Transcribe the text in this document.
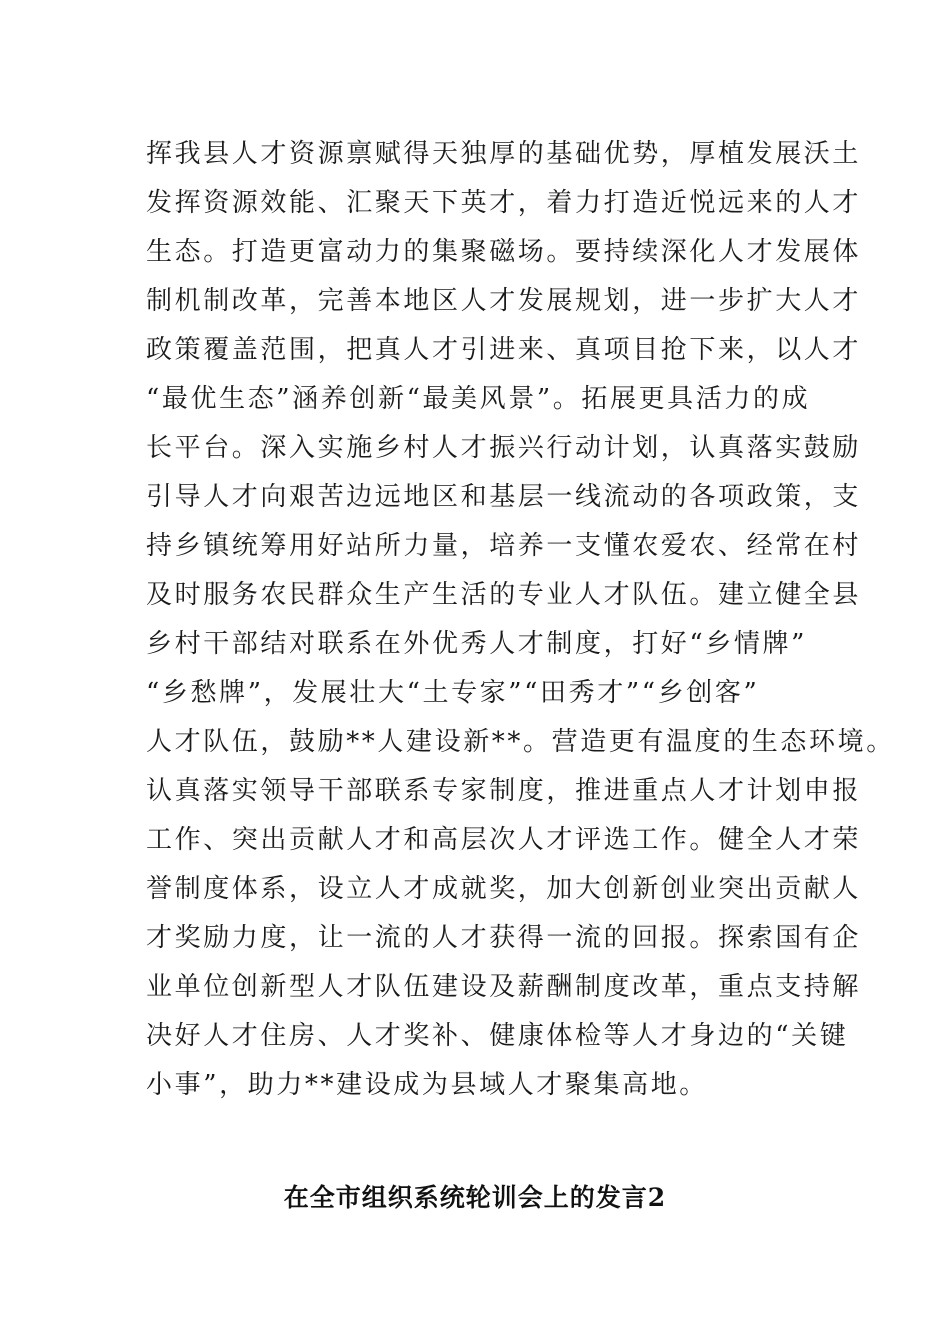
挥我县人才资源禀赋得天独厚的基础优势，厚植发展沃土
发挥资源效能、汇聚天下英才，着力打造近悦远来的人才
生态。打造更富动力的集聚磁场。要持续深化人才发展体
制机制改革，完善本地区人才发展规划，进一步扩大人才
政策覆盖范围，把真人才引进来、真项目抢下来，以人才
“最优生态”涵养创新“最美风景”。拓展更具活力的成
长平台。深入实施乡村人才振兴行动计划，认真落实鼓励
引导人才向艰苦边远地区和基层一线流动的各项政策，支
持乡镇统筹用好站所力量，培养一支懂农爱农、经常在村
及时服务农民群众生产生活的专业人才队伍。建立健全县
乡村干部结对联系在外优秀人才制度，打好“乡情牌”
“乡愁牌”，发展壮大“土专家”“田秀才”“乡创客”
人才队伍，鼓励**人建设新**。营造更有温度的生态环境。
认真落实领导干部联系专家制度，推进重点人才计划申报
工作、突出贡献人才和高层次人才评选工作。健全人才荣
誉制度体系，设立人才成就奖，加大创新创业突出贡献人
才奖励力度，让一流的人才获得一流的回报。探索国有企
业单位创新型人才队伍建设及薪酬制度改革，重点支持解
决好人才住房、人才奖补、健康体检等人才身边的“关键
小事”，助力**建设成为县域人才聚集高地。
在全市组织系统轮训会上的发言2
